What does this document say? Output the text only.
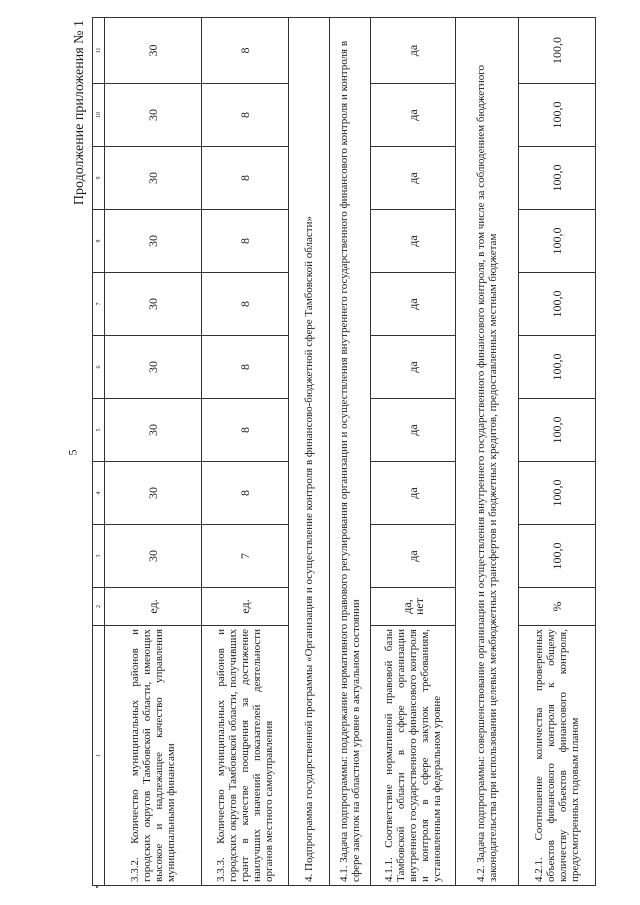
5
Продолжение приложения № 1
1	2	3	4	5	6	7	8	9	10	11
3.3.2. Количество муниципальных районов и городских округов Тамбовской области, имеющих высокое и надлежащее качество управления муниципальными финансами	ед.	30	30	30	30	30	30	30	30	30
3.3.3. Количество муниципальных районов и городских округов Тамбовской области, получивших грант в качестве поощрения за достижение наилучших значений показателей деятельности органов местного самоуправления	ед.	7	8	8	8	8	8	8	8	8
4. Подпрограмма государственной программы «Организация и осуществление контроля в финансово-бюджетной сфере Тамбовской области»										
4.1. Задача подпрограммы: поддержание нормативного правового регулирования организации и осуществления внутреннего государственного финансового контроля и контроля в сфере закупок на областном уровне в актуальном состоянии										
4.1.1. Соответствие нормативной правовой базы Тамбовской области в сфере организации внутреннего государственного финансового контроля и контроля в сфере закупок требованиям, установленным на федеральном уровне	да, нет	да	да	да	да	да	да	да	да	да
4.2. Задача подпрограммы: совершенствование организации и осуществления внутреннего государственного финансового контроля, в том числе за соблюдением бюджетного законодательства при использовании целевых межбюджетных трансфертов и бюджетных кредитов, предоставленных местным бюджетам										
4.2.1. Соотношение количества проверенных объектов финансового контроля к общему количеству объектов финансового контроля, предусмотренных годовым планом	%	100,0	100,0	100,0	100,0	100,0	100,0	100,0	100,0	100,0
